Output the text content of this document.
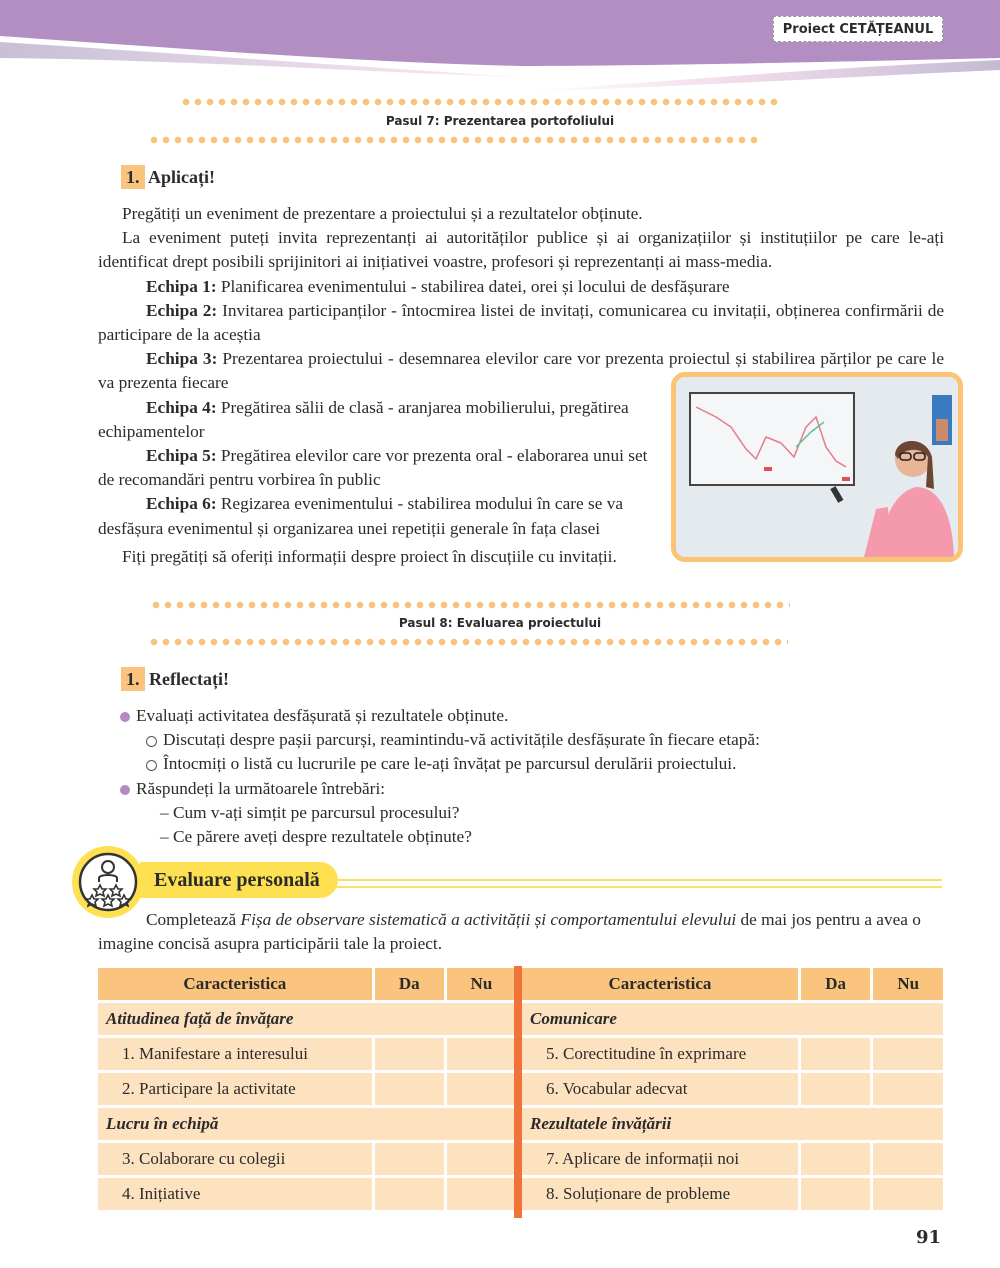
Proiect CETĂȚEANUL
Pasul 7: Prezentarea portofoliului
1. Aplicați!
Pregătiți un eveniment de prezentare a proiectului și a rezultatelor obținute.
La eveniment puteți invita reprezentanți ai autorităților publice și ai organizațiilor și instituțiilor pe care le-ați identificat drept posibili sprijinitori ai inițiativei voastre, profesori și reprezentanți ai mass-media.
Echipa 1: Planificarea evenimentului - stabilirea datei, orei și locului de desfășurare
Echipa 2: Invitarea participanților - întocmirea listei de invitați, comunicarea cu invitații, obținerea confirmării de participare de la aceștia
Echipa 3: Prezentarea proiectului - desemnarea elevilor care vor prezenta proiectul și stabilirea părților pe care le va prezenta fiecare
Echipa 4: Pregătirea sălii de clasă - aranjarea mobilierului, pregătirea echipamentelor
Echipa 5: Pregătirea elevilor care vor prezenta oral - elaborarea unui set de recomandări pentru vorbirea în public
Echipa 6: Regizarea evenimentului - stabilirea modului în care se va desfășura evenimentul și organizarea unei repetiții generale în fața clasei
Fiți pregătiți să oferiți informații despre proiect în discuțiile cu invitații.
Pasul 8: Evaluarea proiectului
1. Reflectați!
Evaluați activitatea desfășurată și rezultatele obținute.
Discutați despre pașii parcurși, reamintindu-vă activitățile desfășurate în fiecare etapă:
Întocmiți o listă cu lucrurile pe care le-ați învățat pe parcursul derulării proiectului.
Răspundeți la următoarele întrebări:
– Cum v-ați simțit pe parcursul procesului?
– Ce părere aveți despre rezultatele obținute?
Evaluare personală
Completează Fișa de observare sistematică a activității și comportamentului elevului de mai jos pentru a avea o imagine concisă asupra participării tale la proiect.
Caracteristica	Da	Nu
Atitudinea față de învățare		
1. Manifestare a interesului		
2. Participare la activitate		
Lucru în echipă		
3. Colaborare cu colegii		
4. Inițiative		
Caracteristica	Da	Nu
Comunicare		
5. Corectitudine în exprimare		
6. Vocabular adecvat		
Rezultatele învățării		
7. Aplicare de informații noi		
8. Soluționare de probleme		
91
